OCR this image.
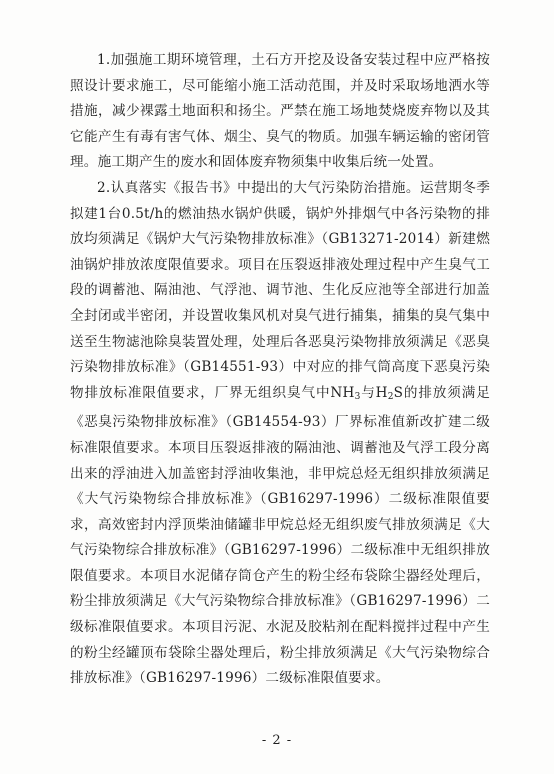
1.加强施工期环境管理，土石方开挖及设备安装过程中应严格按照设计要求施工，尽可能缩小施工活动范围，并及时采取场地洒水等措施，减少裸露土地面积和扬尘。严禁在施工场地焚烧废弃物以及其它能产生有毒有害气体、烟尘、臭气的物质。加强车辆运输的密闭管理。施工期产生的废水和固体废弃物须集中收集后统一处置。

2.认真落实《报告书》中提出的大气污染防治措施。运营期冬季拟建1台0.5t/h的燃油热水锅炉供暖，锅炉外排烟气中各污染物的排放均须满足《锅炉大气污染物排放标准》（GB13271-2014）新建燃油锅炉排放浓度限值要求。项目在压裂返排液处理过程中产生臭气工段的调蓄池、隔油池、气浮池、调节池、生化反应池等全部进行加盖全封闭或半密闭，并设置收集风机对臭气进行捕集，捕集的臭气集中送至生物滤池除臭装置处理，处理后各恶臭污染物排放须满足《恶臭污染物排放标准》（GB14551-93）中对应的排气筒高度下恶臭污染物排放标准限值要求，厂界无组织臭气中$NH_3$与$H_2S$的排放须满足《恶臭污染物排放标准》（GB14554-93）厂界标准值新改扩建二级标准限值要求。本项目压裂返排液的隔油池、调蓄池及气浮工段分离出来的浮油进入加盖密封浮油收集池，非甲烷总烃无组织排放须满足《大气污染物综合排放标准》（GB16297-1996）二级标准限值要求，高效密封内浮顶柴油储罐非甲烷总烃无组织废气排放须满足《大气污染物综合排放标准》（GB16297-1996）二级标准中无组织排放限值要求。本项目水泥储存筒仓产生的粉尘经布袋除尘器经处理后，粉尘排放须满足《大气污染物综合排放标准》（GB16297-1996）二级标准限值要求。本项目污泥、水泥及胶粘剂在配料搅拌过程中产生的粉尘经罐顶布袋除尘器处理后，粉尘排放须满足《大气污染物综合排放标准》（GB16297-1996）二级标准限值要求。

- 2 -
